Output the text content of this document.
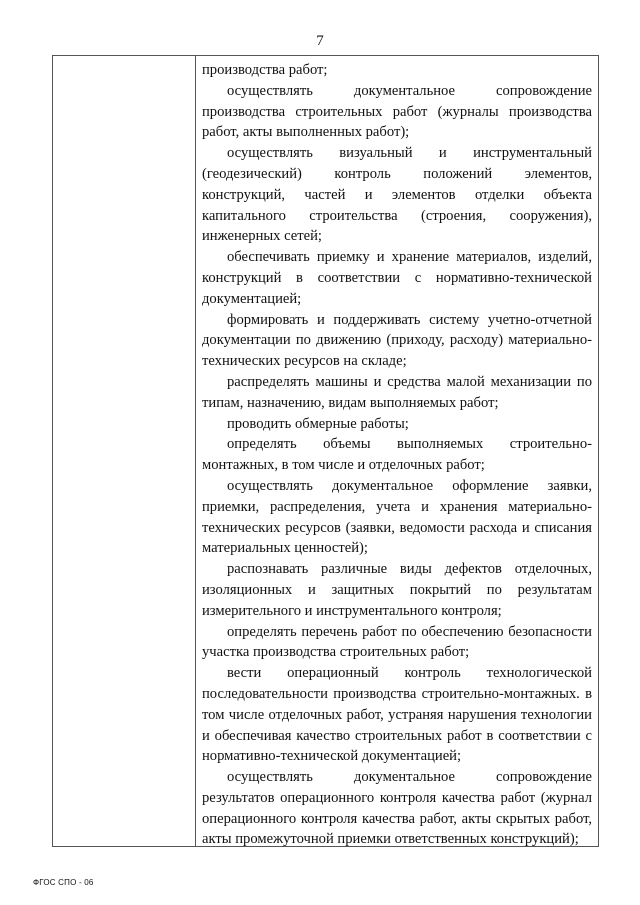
7

производства работ;

осуществлять документальное сопровождение производства строительных работ (журналы производства работ, акты выполненных работ);

осуществлять визуальный и инструментальный (геодезический) контроль положений элементов, конструкций, частей и элементов отделки объекта капитального строительства (строения, сооружения), инженерных сетей;

обеспечивать приемку и хранение материалов, изделий, конструкций в соответствии с нормативно-технической документацией;

формировать и поддерживать систему учетно-отчетной документации по движению (приходу, расходу) материально-технических ресурсов на складе;

распределять машины и средства малой механизации по типам, назначению, видам выполняемых работ;

проводить обмерные работы;

определять объемы выполняемых строительно-монтажных, в том числе и отделочных работ;

осуществлять документальное оформление заявки, приемки, распределения, учета и хранения материально-технических ресурсов (заявки, ведомости расхода и списания материальных ценностей);

распознавать различные виды дефектов отделочных, изоляционных и защитных покрытий по результатам измерительного и инструментального контроля;

определять перечень работ по обеспечению безопасности участка производства строительных работ;

вести операционный контроль технологической последовательности производства строительно-монтажных. в том числе отделочных работ, устраняя нарушения технологии и обеспечивая качество строительных работ в соответствии с нормативно-технической документацией;

осуществлять документальное сопровождение результатов операционного контроля качества работ (журнал операционного контроля качества работ, акты скрытых работ, акты промежуточной приемки ответственных конструкций);

ФГОС СПО - 06
